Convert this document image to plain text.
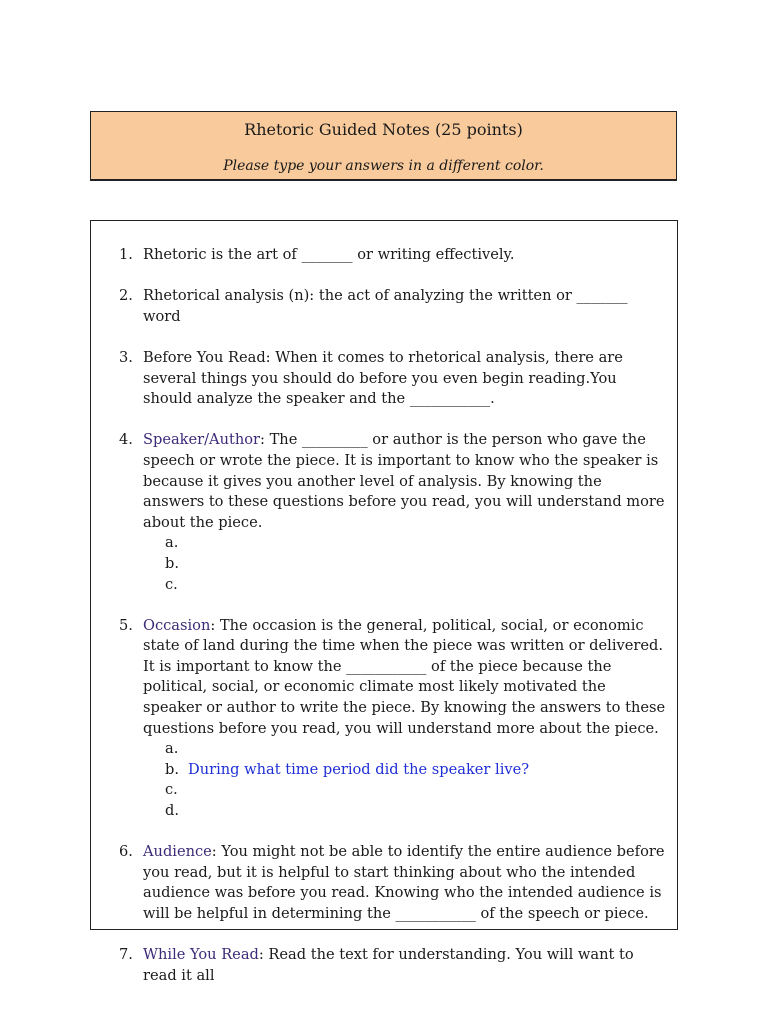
Rhetoric Guided Notes (25 points)
Please type your answers in a different color.
1. Rhetoric is the art of _______ or writing effectively.
2. Rhetorical analysis (n): the act of analyzing the written or _______ word
3. Before You Read: When it comes to rhetorical analysis, there are several things you should do before you even begin reading.You should analyze the speaker and the ___________.
4. Speaker/Author: The _________ or author is the person who gave the speech or wrote the piece. It is important to know who the speaker is because it gives you another level of analysis. By knowing the answers to these questions before you read, you will understand more about the piece.
a.

b.

c.

5. Occasion: The occasion is the general, political, social, or economic state of land during the time when the piece was written or delivered. It is important to know the ___________ of the piece because the political, social, or economic climate most likely motivated the speaker or author to write the piece. By knowing the answers to these questions before you read, you will understand more about the piece.
a.

b. During what time period did the speaker live?
c.

d.

6. Audience: You might not be able to identify the entire audience before you read, but it is helpful to start thinking about who the intended audience was before you read. Knowing who the intended audience is will be helpful in determining the ___________ of the speech or piece.
7. While You Read: Read the text for understanding. You will want to read it all
